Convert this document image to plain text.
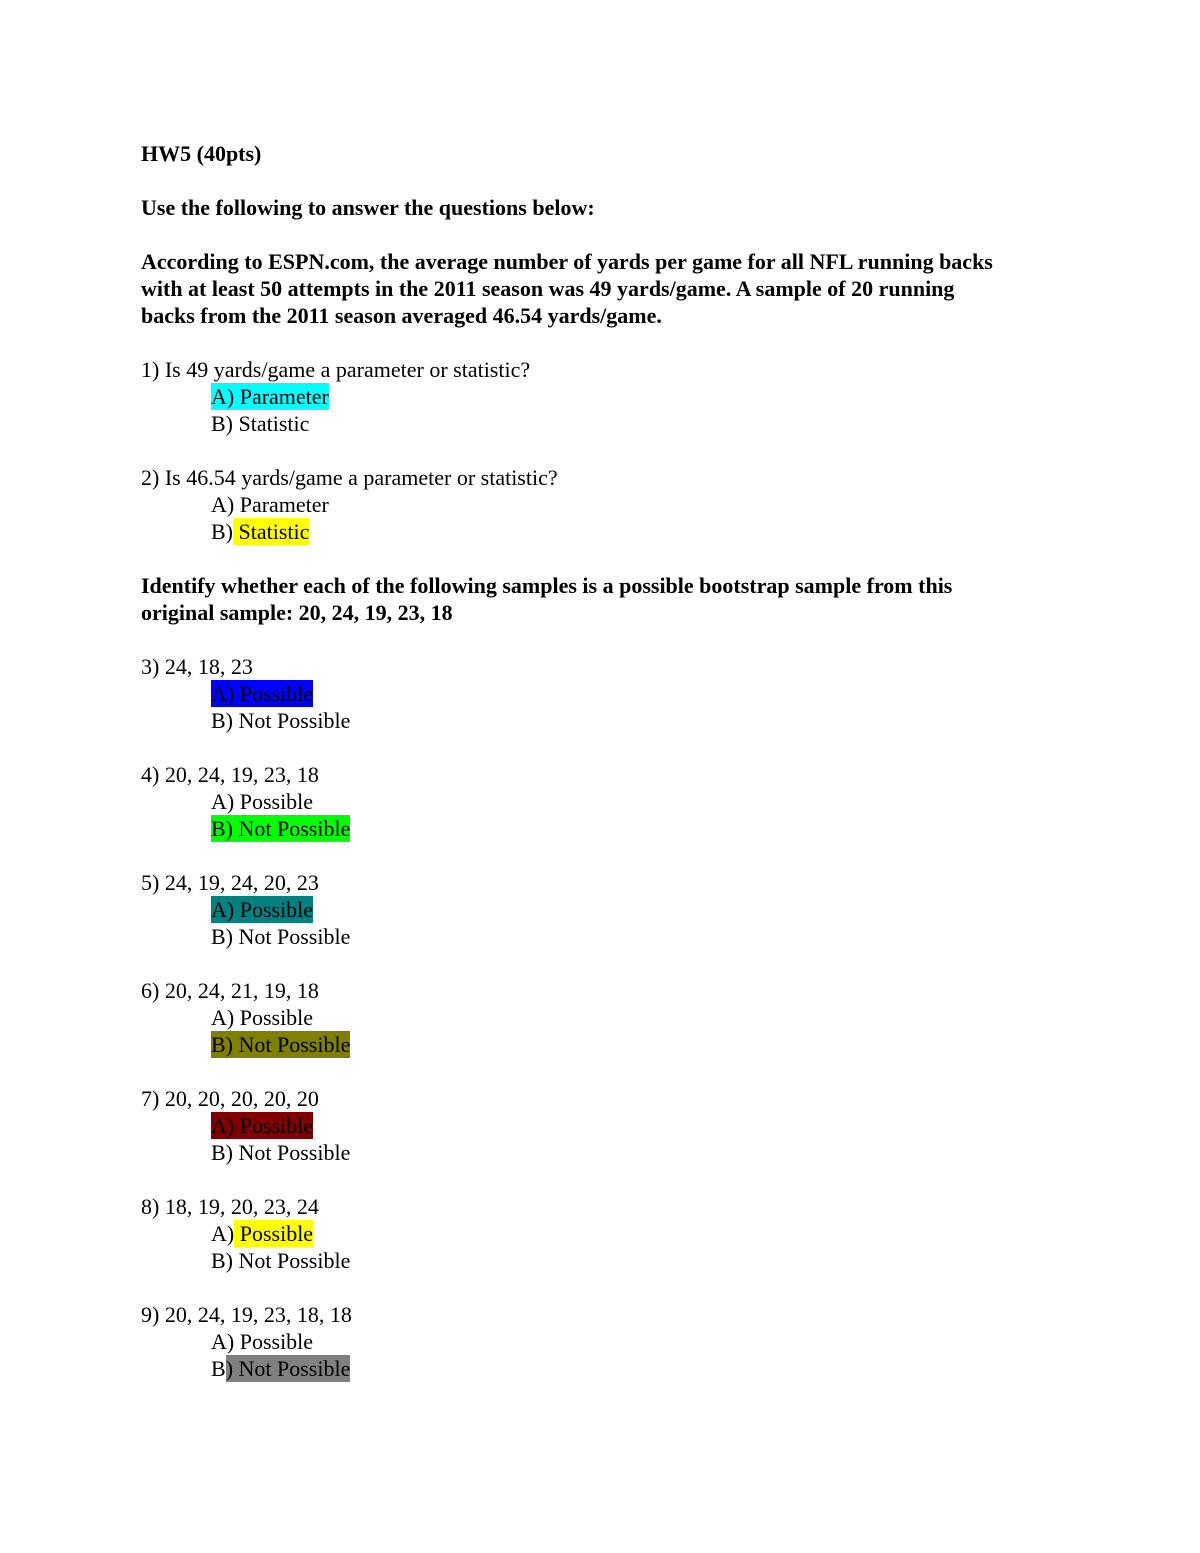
HW5 (40pts)
Use the following to answer the questions below:
According to ESPN.com, the average number of yards per game for all NFL running backs
with at least 50 attempts in the 2011 season was 49 yards/game. A sample of 20 running
backs from the 2011 season averaged 46.54 yards/game.
1) Is 49 yards/game a parameter or statistic?
A) Parameter
B) Statistic
2) Is 46.54 yards/game a parameter or statistic?
A) Parameter
B) Statistic
Identify whether each of the following samples is a possible bootstrap sample from this
original sample: 20, 24, 19, 23, 18
3) 24, 18, 23
A) Possible
B) Not Possible
4) 20, 24, 19, 23, 18
A) Possible
B) Not Possible
5) 24, 19, 24, 20, 23
A) Possible
B) Not Possible
6) 20, 24, 21, 19, 18
A) Possible
B) Not Possible
7) 20, 20, 20, 20, 20
A) Possible
B) Not Possible
8) 18, 19, 20, 23, 24
A) Possible
B) Not Possible
9) 20, 24, 19, 23, 18, 18
A) Possible
B) Not Possible
